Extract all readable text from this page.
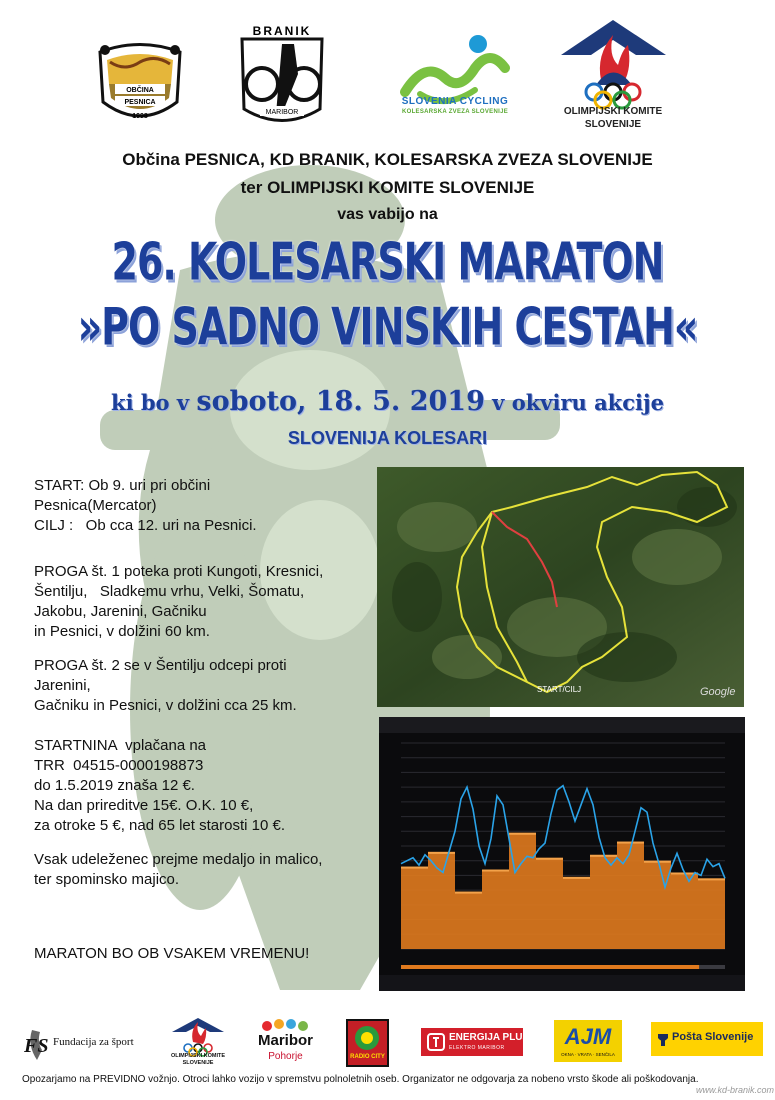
OBČINA
PESNICA
1998
BRANIK
MARIBOR
SLOVENIA CYCLING
KOLESARSKA ZVEZA SLOVENIJE	OLIMPIJSKI KOMITE
SLOVENIJE
Občina PESNICA, KD BRANIK, KOLESARSKA ZVEZA SLOVENIJE
ter OLIMPIJSKI KOMITE SLOVENIJE
vas vabijo na
26. KOLESARSKI MARATON
»PO SADNO VINSKIH CESTAH«
ki bo v soboto, 18. 5. 2019 v okviru akcije
SLOVENIJA KOLESARI
START: Ob 9. uri pri občini
Pesnica(Mercator)
CILJ :   Ob cca 12. uri na Pesnici.
PROGA št. 1 poteka proti Kungoti, Kresnici,
Šentilju,   Sladkemu vrhu, Velki, Šomatu,
Jakobu, Jarenini, Gačniku
in Pesnici, v dolžini 60 km.
PROGA št. 2 se v Šentilju odcepi proti
Jarenini,
Gačniku in Pesnici, v dolžini cca 25 km.
STARTNINA  vplačana na
TRR  04515-0000198873
do 1.5.2019 znaša 12 €.
Na dan prireditve 15€. O.K. 10 €,
za otroke 5 €, nad 65 let starosti 10 €.
Vsak udeleženec prejme medaljo in malico,
ter spominsko majico.
MARATON BO OB VSAKEM VREMENU!
START/CILJ	Google
FS Fundacija za šport
OLIMPIJSKI KOMITE
SLOVENIJE
Maribor
Pohorje	RADIO CITY
ENERGIJA PLUS
ELEKTRO MARIBOR	AJM
OKNA · VRATA · SENČILA
Pošta Slovenije
Opozarjamo na PREVIDNO vožnjo. Otroci lahko vozijo v spremstvu polnoletnih oseb. Organizator ne odgovarja za nobeno vrsto škode ali poškodovanja.
www.kd-branik.com
